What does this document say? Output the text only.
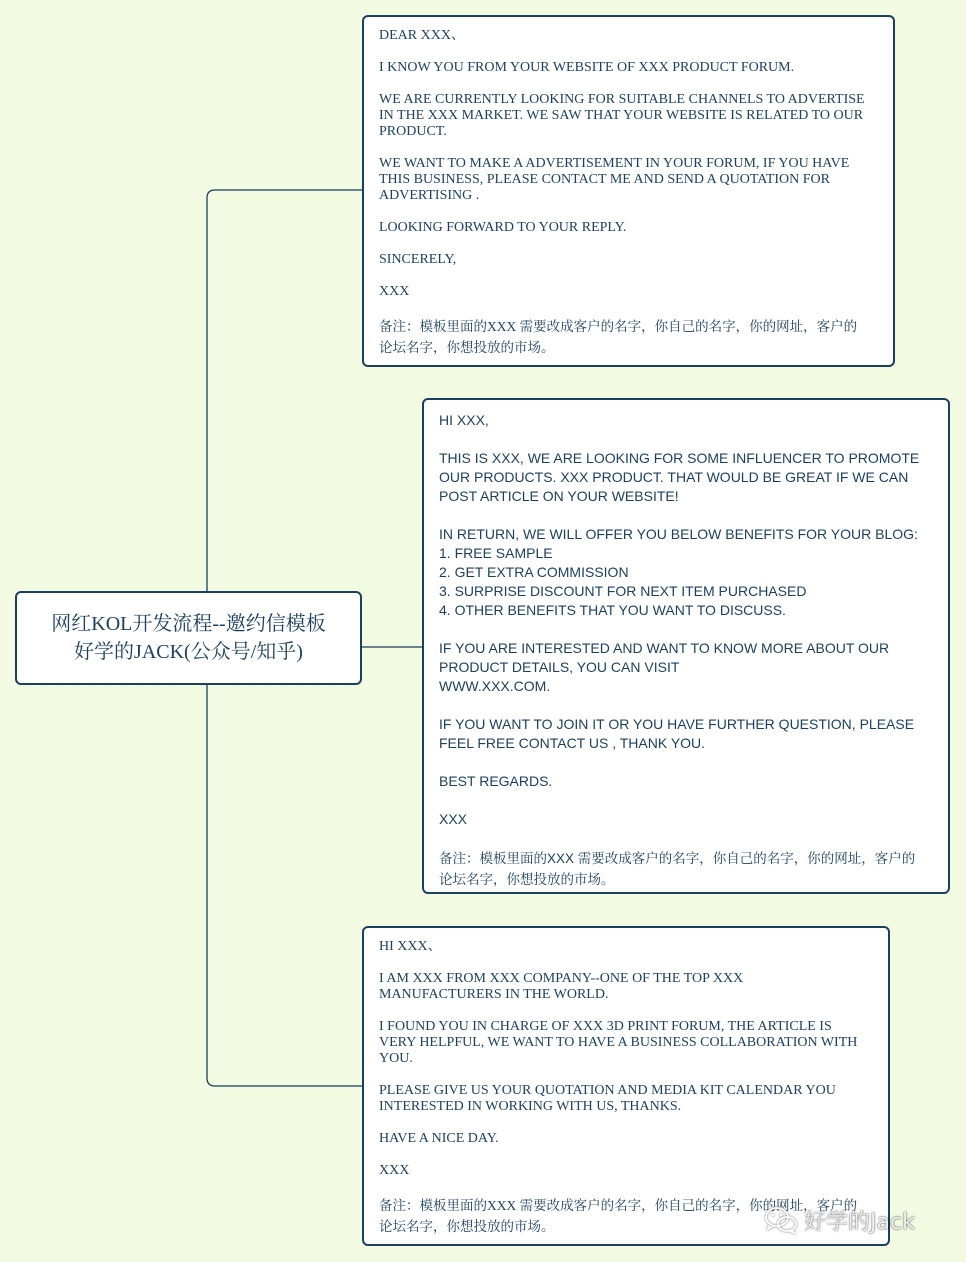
网红KOL开发流程--邀约信模板
好学的JACK(公众号/知乎)

DEAR XXX、

I KNOW YOU FROM YOUR WEBSITE OF XXX PRODUCT FORUM.

WE ARE CURRENTLY LOOKING FOR SUITABLE CHANNELS TO ADVERTISE
IN THE XXX MARKET. WE SAW THAT YOUR WEBSITE IS RELATED TO OUR
PRODUCT.

WE WANT TO MAKE A ADVERTISEMENT IN YOUR FORUM, IF YOU HAVE
THIS BUSINESS, PLEASE CONTACT ME AND SEND A QUOTATION FOR
ADVERTISING .

LOOKING FORWARD TO YOUR REPLY.

SINCERELY,

XXX

备注：模板里面的XXX 需要改成客户的名字，你自己的名字，你的网址，客户的
论坛名字，你想投放的市场。

HI XXX,

THIS IS XXX, WE ARE LOOKING FOR SOME INFLUENCER TO PROMOTE
OUR PRODUCTS. XXX PRODUCT. THAT WOULD BE GREAT IF WE CAN
POST ARTICLE ON YOUR WEBSITE!

IN RETURN, WE WILL OFFER YOU BELOW BENEFITS FOR YOUR BLOG:
1. FREE SAMPLE
2. GET EXTRA COMMISSION
3. SURPRISE DISCOUNT FOR NEXT ITEM PURCHASED
4. OTHER BENEFITS THAT YOU WANT TO DISCUSS.

IF YOU ARE INTERESTED AND WANT TO KNOW MORE ABOUT OUR
PRODUCT DETAILS, YOU CAN VISIT
WWW.XXX.COM.

IF YOU WANT TO JOIN IT OR YOU HAVE FURTHER QUESTION, PLEASE
FEEL FREE CONTACT US , THANK YOU.

BEST REGARDS.

XXX

备注：模板里面的XXX 需要改成客户的名字，你自己的名字，你的网址，客户的
论坛名字，你想投放的市场。

HI XXX、

I AM XXX FROM XXX COMPANY--ONE OF THE TOP XXX
MANUFACTURERS IN THE WORLD.

I FOUND YOU IN CHARGE OF XXX 3D PRINT FORUM, THE ARTICLE IS
VERY HELPFUL, WE WANT TO HAVE A BUSINESS COLLABORATION WITH
YOU.

PLEASE GIVE US YOUR QUOTATION AND MEDIA KIT CALENDAR YOU
INTERESTED IN WORKING WITH US, THANKS.

HAVE A NICE DAY.

XXX

备注：模板里面的XXX 需要改成客户的名字，你自己的名字，你的网址，客户的
论坛名字，你想投放的市场。	好学的Jack
